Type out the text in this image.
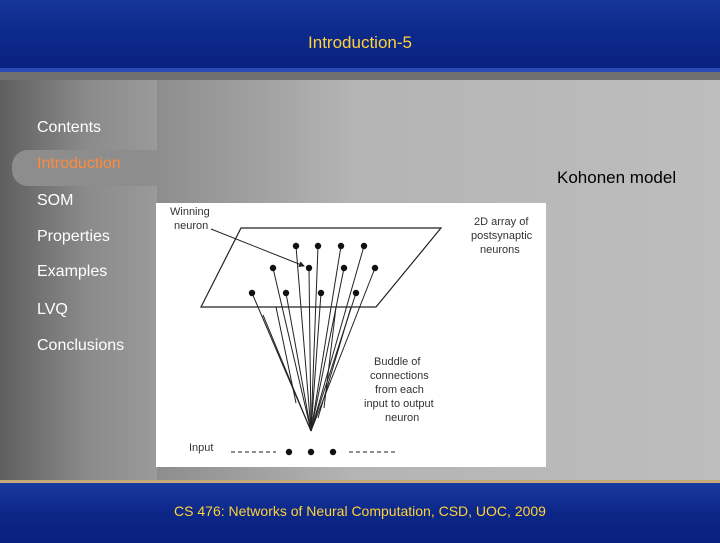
Introduction-5
Contents
Introduction
SOM
Properties
Examples
LVQ
Conclusions
Kohonen model
Winning
neuron	2D array of
postsynaptic
neurons
Buddle of
connections
from each
input to output
neuron
Input
CS 476: Networks of Neural Computation, CSD, UOC, 2009
